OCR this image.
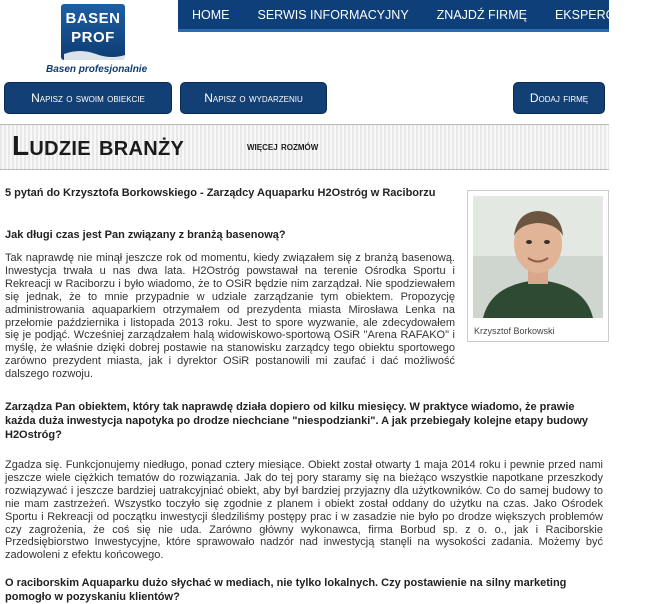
BASEN
PROF
Basen profesjonalnie
HOME	SERWIS INFORMACYJNY	ZNAJDŹ FIRMĘ	EKSPERCI	S
Napisz o swoim obiekcie	Napisz o wydarzeniu	Dodaj firmę
Ludzie branży	więcej rozmów
5 pytań do Krzysztofa Borkowskiego - Zarządcy Aquaparku H2Ostróg w Raciborzu
Krzysztof Borkowski
Jak długi czas jest Pan związany z branżą basenową?
Tak naprawdę nie minął jeszcze rok od momentu, kiedy związałem się z branżą basenową. Inwestycja trwała u nas dwa lata. H2Ostróg powstawał na terenie Ośrodka Sportu i Rekreacji w Raciborzu i było wiadomo, że to OSiR będzie nim zarządzał. Nie spodziewałem się jednak, że to mnie przypadnie w udziale zarządzanie tym obiektem. Propozycję administrowania aquaparkiem otrzymałem od prezydenta miasta Mirosława Lenka na przełomie października i listopada 2013 roku. Jest to spore wyzwanie, ale zdecydowałem się je podjąć. Wcześniej zarządzałem halą widowiskowo-sportową OSiR "Arena RAFAKO" i myślę, że właśnie dzięki dobrej postawie na stanowisku zarządcy tego obiektu sportowego zarówno prezydent miasta, jak i dyrektor OSiR postanowili mi zaufać i dać możliwość dalszego rozwoju.
Zarządza Pan obiektem, który tak naprawdę działa dopiero od kilku miesięcy. W praktyce wiadomo, że prawie każda duża inwestycja napotyka po drodze niechciane "niespodzianki". A jak przebiegały kolejne etapy budowy H2Ostróg?
Zgadza się. Funkcjonujemy niedługo, ponad cztery miesiące. Obiekt został otwarty 1 maja 2014 roku i pewnie przed nami jeszcze wiele ciężkich tematów do rozwiązania. Jak do tej pory staramy się na bieżąco wszystkie napotkane przeszkody rozwiązywać i jeszcze bardziej uatrakcyjniać obiekt, aby był bardziej przyjazny dla użytkowników. Co do samej budowy to nie mam zastrzeżeń. Wszystko toczyło się zgodnie z planem i obiekt został oddany do użytku na czas. Jako Ośrodek Sportu i Rekreacji od początku inwestycji śledziliśmy postępy prac i w zasadzie nie było po drodze większych problemów czy zagrożenia, że coś się nie uda. Zarówno główny wykonawca, firma Borbud sp. z o. o., jak i Raciborskie Przedsiębiorstwo Inwestycyjne, które sprawowało nadzór nad inwestycją stanęli na wysokości zadania. Możemy być zadowoleni z efektu końcowego.
O raciborskim Aquaparku dużo słychać w mediach, nie tylko lokalnych. Czy postawienie na silny marketing pomogło w pozyskaniu klientów?
